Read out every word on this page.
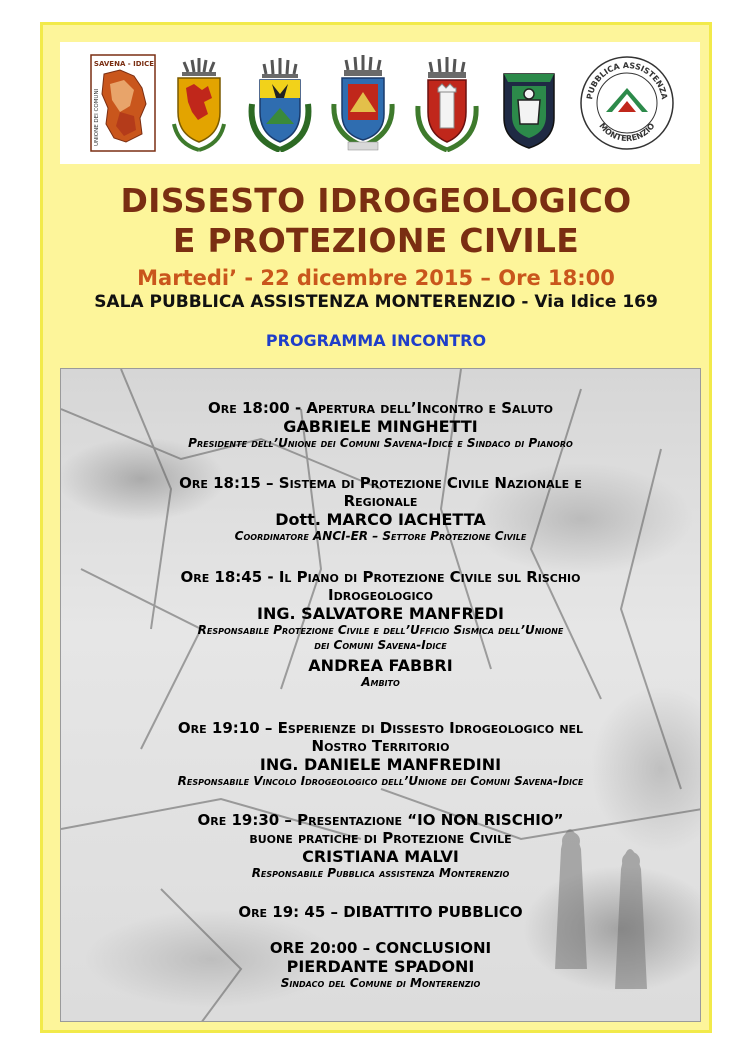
SAVENA - IDICE
UNIONE DEI COMUNI	PUBBLICA ASSISTENZA
MONTERENZIO
DISSESTO IDROGEOLOGICO
E PROTEZIONE CIVILE
Martedi’ - 22 dicembre 2015 – Ore 18:00
SALA PUBBLICA ASSISTENZA MONTERENZIO - Via Idice 169
PROGRAMMA INCONTRO
Ore 18:00 - Apertura dell’Incontro e Saluto
GABRIELE MINGHETTI
Presidente dell’Unione dei Comuni Savena-Idice e Sindaco di Pianoro
Ore 18:15 – Sistema di Protezione Civile Nazionale e
Regionale
Dott. MARCO IACHETTA
Coordinatore ANCI-ER – Settore Protezione Civile
Ore 18:45 - Il Piano di Protezione Civile sul Rischio
Idrogeologico
ING. SALVATORE MANFREDI
Responsabile Protezione Civile e dell’Ufficio Sismica dell’Unione
dei Comuni Savena-Idice
ANDREA FABBRI
Ambito
Ore 19:10 – Esperienze di Dissesto Idrogeologico nel
Nostro Territorio
ING. DANIELE MANFREDINI
Responsabile Vincolo Idrogeologico dell’Unione dei Comuni Savena-Idice
Ore 19:30 – Presentazione “IO NON RISCHIO”
buone pratiche di Protezione Civile
CRISTIANA MALVI
Responsabile Pubblica assistenza Monterenzio
Ore 19: 45 – DIBATTITO PUBBLICO
ORE 20:00 – CONCLUSIONI
PIERDANTE SPADONI
Sindaco del Comune di Monterenzio
